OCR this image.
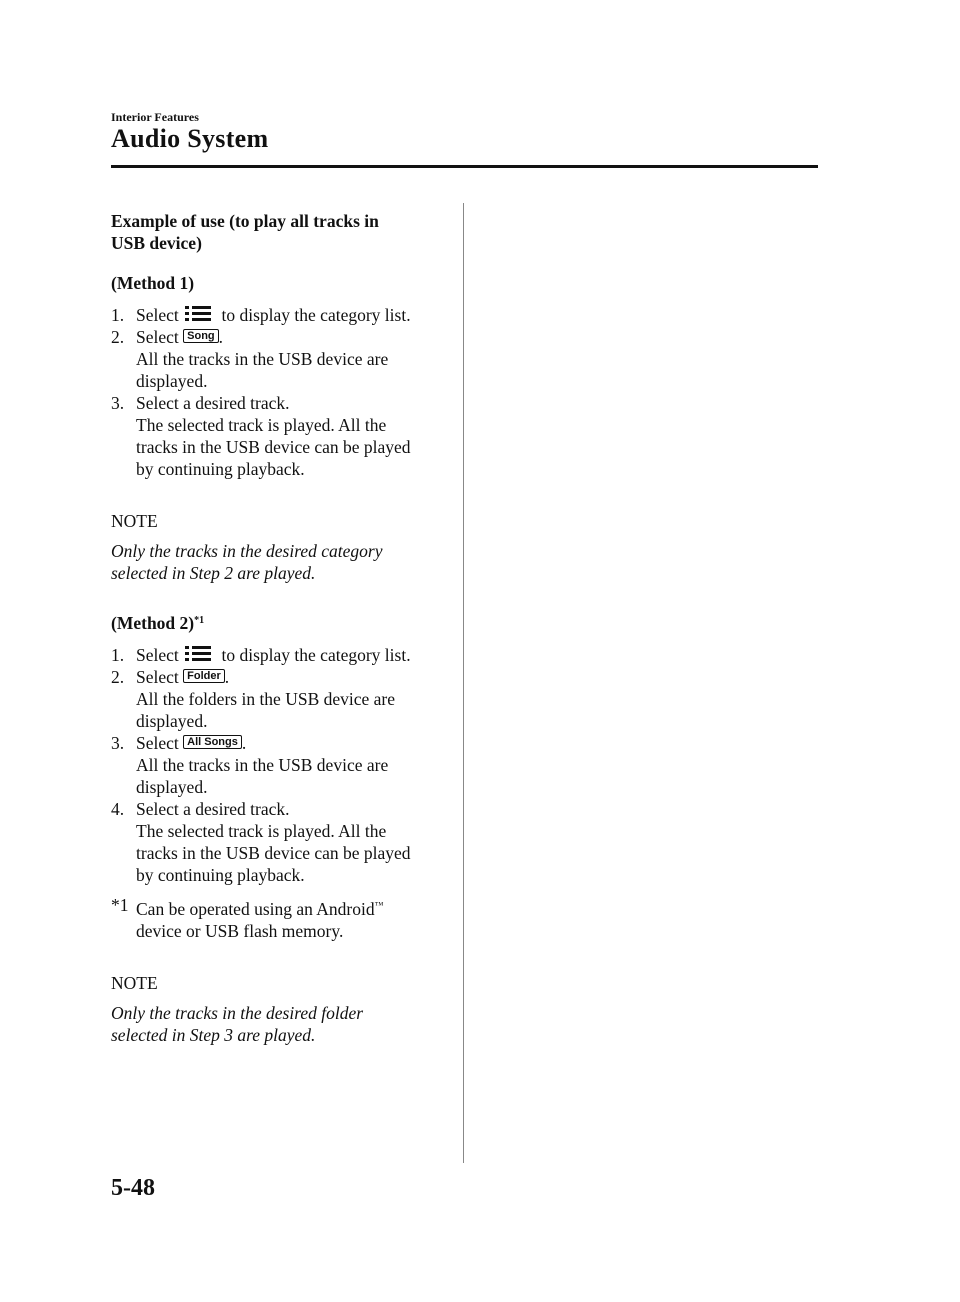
Interior Features
Audio System
Example of use (to play all tracks in
USB device)
(Method 1)
1. Select to display the category list.
2. Select Song .
All the tracks in the USB device are
displayed.
3. Select a desired track.
The selected track is played. All the
tracks in the USB device can be played
by continuing playback.
NOTE
Only the tracks in the desired category
selected in Step 2 are played.
(Method 2)$^{*1}$
1. Select to display the category list.
2. Select Folder .
All the folders in the USB device are
displayed.
3. Select All Songs .
All the tracks in the USB device are
displayed.
4. Select a desired track.
The selected track is played. All the
tracks in the USB device can be played
by continuing playback.
*1 Can be operated using an Android™
device or USB flash memory.
NOTE
Only the tracks in the desired folder
selected in Step 3 are played.
5-48
